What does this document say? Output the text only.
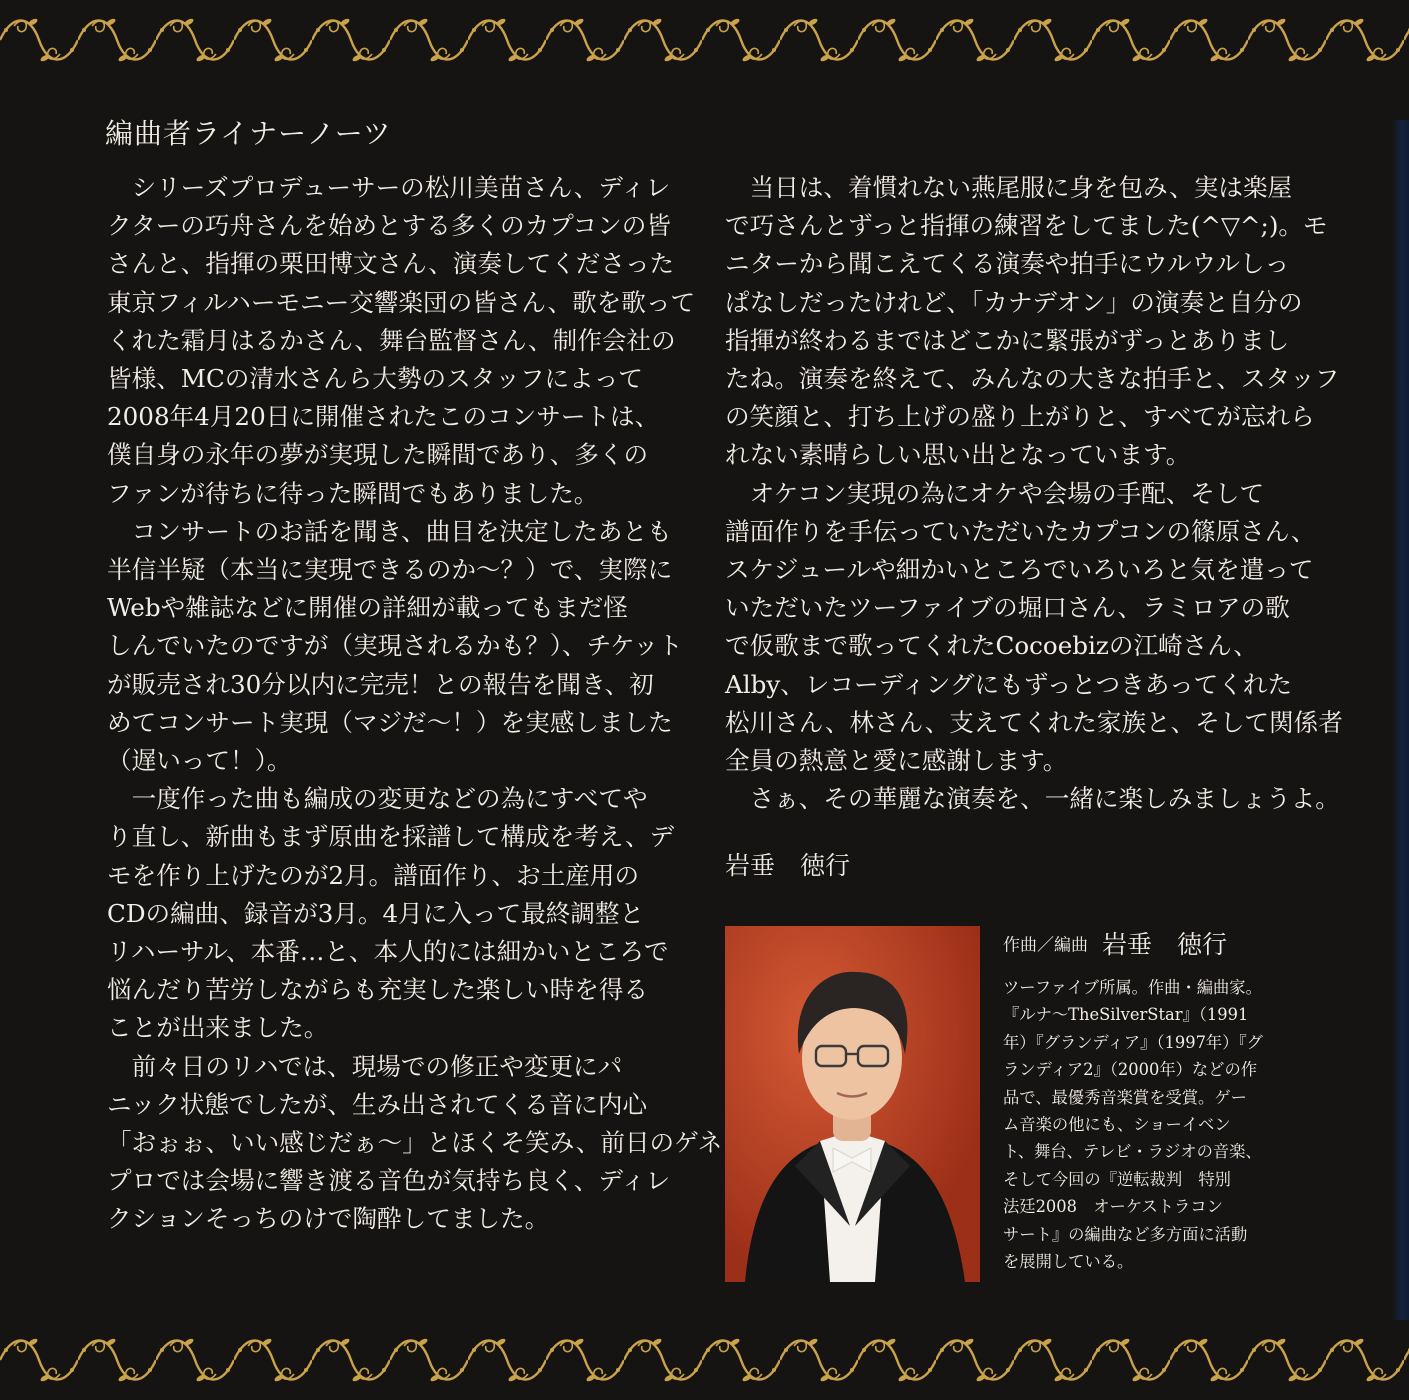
編曲者ライナーノーツ

　シリーズプロデューサーの松川美苗さん、ディレ

クターの巧舟さんを始めとする多くのカプコンの皆

さんと、指揮の栗田博文さん、演奏してくださった

東京フィルハーモニー交響楽団の皆さん、歌を歌って

くれた霜月はるかさん、舞台監督さん、制作会社の

皆様、MCの清水さんら大勢のスタッフによって

2008年4月20日に開催されたこのコンサートは、

僕自身の永年の夢が実現した瞬間であり、多くの

ファンが待ちに待った瞬間でもありました。

　コンサートのお話を聞き、曲目を決定したあとも

半信半疑（本当に実現できるのか～？）で、実際に

Webや雑誌などに開催の詳細が載ってもまだ怪

しんでいたのですが（実現されるかも？）、チケット

が販売され30分以内に完売！との報告を聞き、初

めてコンサート実現（マジだ～！）を実感しました

（遅いって！）。

　一度作った曲も編成の変更などの為にすべてや

り直し、新曲もまず原曲を採譜して構成を考え、デ

モを作り上げたのが2月。譜面作り、お土産用の

CDの編曲、録音が3月。4月に入って最終調整と

リハーサル、本番…と、本人的には細かいところで

悩んだり苦労しながらも充実した楽しい時を得る

ことが出来ました。

　前々日のリハでは、現場での修正や変更にパ

ニック状態でしたが、生み出されてくる音に内心

「おぉぉ、いい感じだぁ～」とほくそ笑み、前日のゲネ

プロでは会場に響き渡る音色が気持ち良く、ディレ

クションそっちのけで陶酔してました。

　当日は、着慣れない燕尾服に身を包み、実は楽屋

で巧さんとずっと指揮の練習をしてました(^▽^;)。モ

ニターから聞こえてくる演奏や拍手にウルウルしっ

ぱなしだったけれど、「カナデオン」の演奏と自分の

指揮が終わるまではどこかに緊張がずっとありまし

たね。演奏を終えて、みんなの大きな拍手と、スタッフ

の笑顔と、打ち上げの盛り上がりと、すべてが忘れら

れない素晴らしい思い出となっています。

　オケコン実現の為にオケや会場の手配、そして

譜面作りを手伝っていただいたカプコンの篠原さん、

スケジュールや細かいところでいろいろと気を遣って

いただいたツーファイブの堀口さん、ラミロアの歌

で仮歌まで歌ってくれたCocoebizの江崎さん、

Alby、レコーディングにもずっとつきあってくれた

松川さん、林さん、支えてくれた家族と、そして関係者

全員の熱意と愛に感謝します。

　さぁ、その華麗な演奏を、一緒に楽しみましょうよ。

岩垂　徳行
作曲／編曲 岩垂　徳行

ツーファイブ所属。作曲・編曲家。

『ルナ～TheSilverStar』（1991

年）『グランディア』（1997年）『グ

ランディア2』（2000年）などの作

品で、最優秀音楽賞を受賞。ゲー

ム音楽の他にも、ショーイベン

ト、舞台、テレビ・ラジオの音楽、

そして今回の『逆転裁判　特別

法廷2008　オーケストラコン

サート』の編曲など多方面に活動

を展開している。
